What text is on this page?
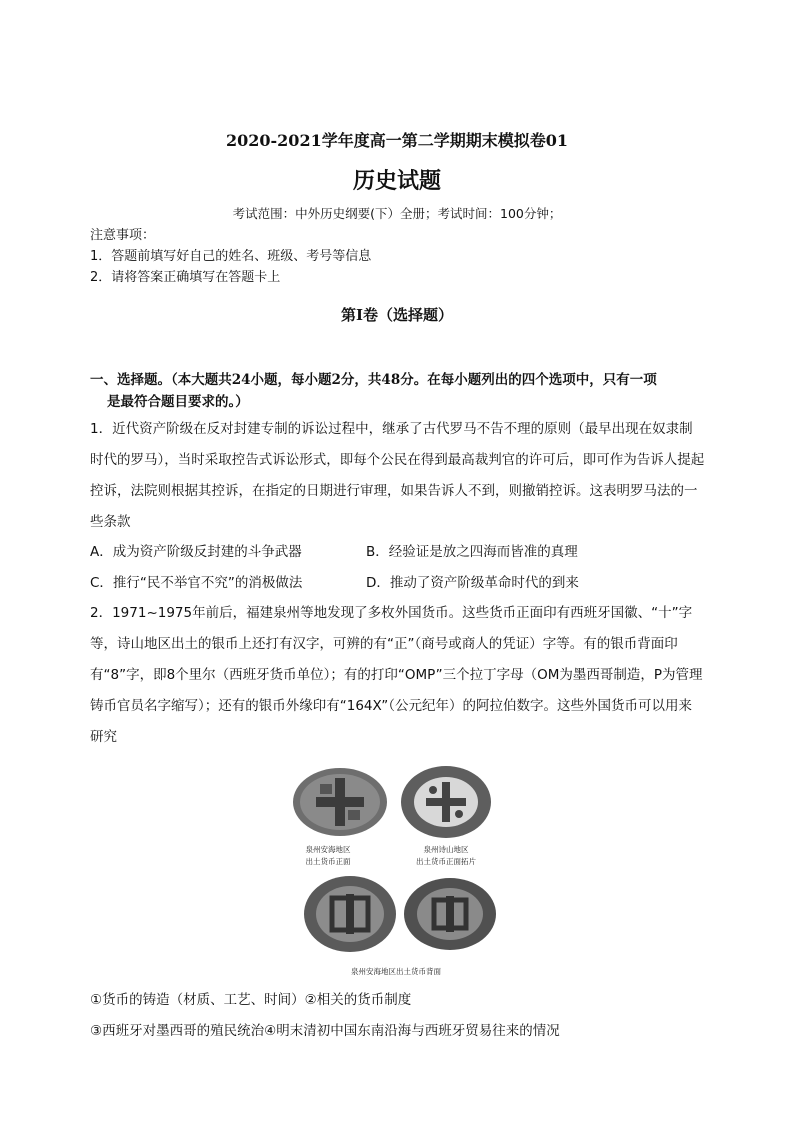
2020-2021学年度高一第二学期期末模拟卷01
历史试题
考试范围：中外历史纲要(下）全册；考试时间：100分钟；
注意事项：
1．答题前填写好自己的姓名、班级、考号等信息
2．请将答案正确填写在答题卡上
第I卷（选择题）
一、选择题。（本大题共24小题，每小题2分，共48分。在每小题列出的四个选项中，只有一项
是最符合题目要求的。）
1．近代资产阶级在反对封建专制的诉讼过程中，继承了古代罗马不告不理的原则（最早出现在奴隶制时代的罗马），当时采取控告式诉讼形式，即每个公民在得到最高裁判官的许可后，即可作为告诉人提起控诉，法院则根据其控诉，在指定的日期进行审理，如果告诉人不到，则撤销控诉。这表明罗马法的一些条款
A．成为资产阶级反封建的斗争武器	B．经验证是放之四海而皆准的真理
C．推行“民不举官不究”的消极做法	D．推动了资产阶级革命时代的到来
2．1971~1975年前后，福建泉州等地发现了多枚外国货币。这些货币正面印有西班牙国徽、“十”字等，诗山地区出土的银币上还打有汉字，可辨的有“正”（商号或商人的凭证）字等。有的银币背面印有“8”字，即8个里尔（西班牙货币单位）；有的打印“OMP”三个拉丁字母（OM为墨西哥制造，P为管理铸币官员名字缩写）；还有的银币外缘印有“164X”（公元纪年）的阿拉伯数字。这些外国货币可以用来研究
泉州安海地区
出土货币正面
泉州诗山地区
出土货币正面拓片
泉州安海地区出土货币背面
①货币的铸造（材质、工艺、时间）②相关的货币制度
③西班牙对墨西哥的殖民统治④明末清初中国东南沿海与西班牙贸易往来的情况
